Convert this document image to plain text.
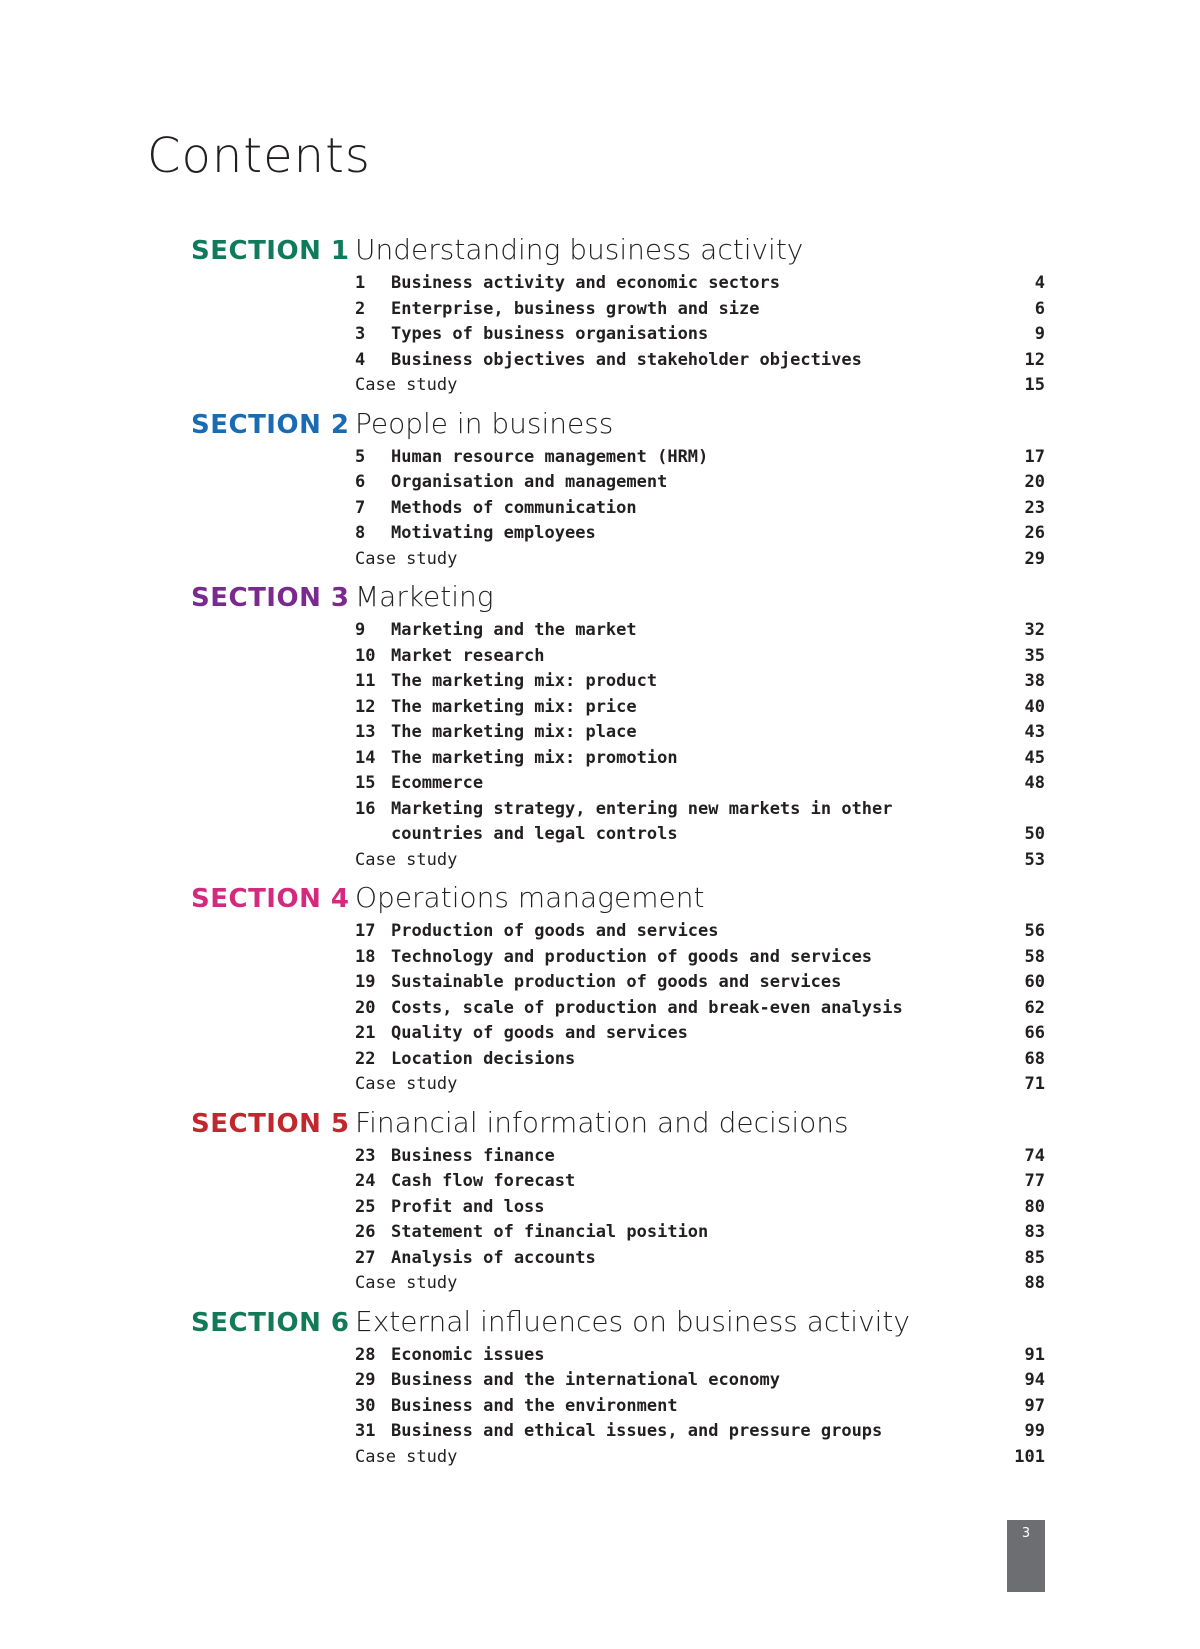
Contents
SECTION 1 Understanding business activity
1	Business activity and economic sectors	4
2	Enterprise, business growth and size	6
3	Types of business organisations	9
4	Business objectives and stakeholder objectives	12
Case study	15
SECTION 2 People in business
5	Human resource management (HRM)	17
6	Organisation and management	20
7	Methods of communication	23
8	Motivating employees	26
Case study	29
SECTION 3 Marketing
9	Marketing and the market	32
10 Market research	35
11 The marketing mix: product	38
12 The marketing mix: price	40
13 The marketing mix: place	43
14 The marketing mix: promotion	45
15 Ecommerce	48
16 Marketing strategy, entering new markets in other countries and legal controls	50
Case study	53
SECTION 4 Operations management
17 Production of goods and services	56
18 Technology and production of goods and services	58
19 Sustainable production of goods and services	60
20 Costs, scale of production and break-even analysis	62
21 Quality of goods and services	66
22 Location decisions	68
Case study	71
SECTION 5 Financial information and decisions
23 Business finance	74
24 Cash flow forecast	77
25 Profit and loss	80
26 Statement of financial position	83
27 Analysis of accounts	85
Case study	88
SECTION 6 External influences on business activity
28 Economic issues	91
29 Business and the international economy	94
30 Business and the environment	97
31 Business and ethical issues, and pressure groups	99
Case study	101
3
